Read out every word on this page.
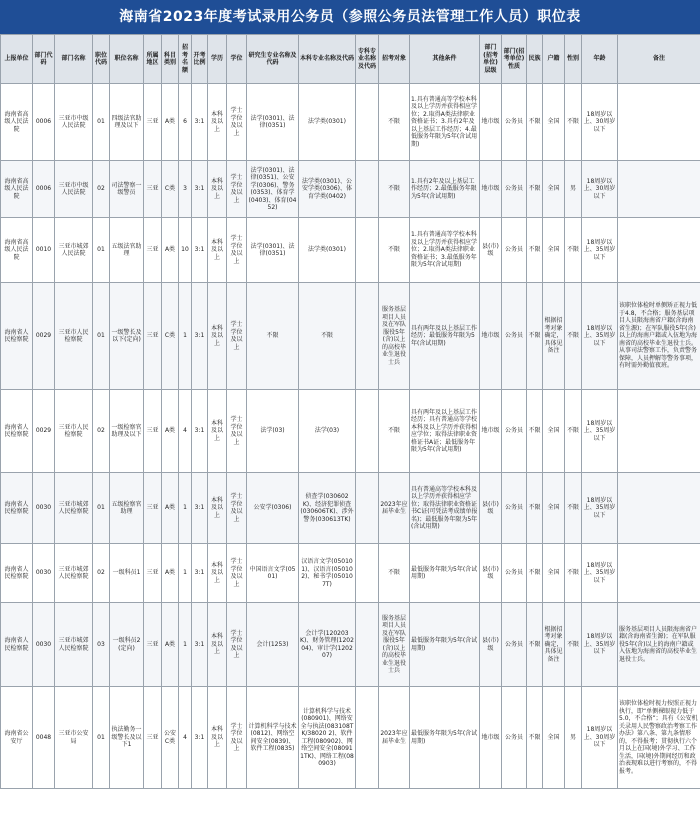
海南省2023年度考试录用公务员（参照公务员法管理工作人员）职位表
上报单位	部门代码	部门名称	职位代码	职位名称	所属地区	科目类别	招考名额	开考比例	学历	学位	研究生专业名称及代码	本科专业名称及代码	专科专业名称及代码	招考对象	其他条件	部门(招考单位)层级	部门(招考单位)性质	民族	户籍	性别	年龄	备注
海南省高级人民法院	0006	三亚市中级人民法院	01	四级法官助理及以下	三亚	A类	6	3:1	本科及以上	学士学位及以上	法学(0301)、法律(0351)	法学类(0301)		不限	1.具有普通高等学校本科及以上学历并获得相应学位；2.取得A类法律职业资格证书；3.具有2年及以上基层工作经历；4.最低服务年限为5年(含试用期)	地市级	公务员	不限	全国	不限	18周岁以上、30周岁以下	
海南省高级人民法院	0006	三亚市中级人民法院	02	司法警察一级警员	三亚	C类	3	3:1	本科及以上	学士学位及以上	法学(0301)、法律(0351)、公安学(0306)、警务(0353)、体育学(0403)、体育(0452)	法学类(0301)、公安学类(0306)、体育学类(0402)		不限	1.具有2年及以上基层工作经历；2.最低服务年限为5年(含试用期)	地市级	公务员	不限	全国	男	18周岁以上、30周岁以下	
海南省高级人民法院	0010	三亚市城郊人民法院	01	五级法官助理	三亚	A类	10	3:1	本科及以上	学士学位及以上	法学(0301)、法律(0351)	法学类(0301)		不限	1.具有普通高等学校本科及以上学历并获得相应学位；2.取得A类法律职业资格证书；3.最低服务年限为5年(含试用期)	县(市)级	公务员	不限	全国	不限	18周岁以上、35周岁以下	
海南省人民检察院	0029	三亚市人民检察院	01	一级警长及以下(定向)	三亚	C类	1	3:1	本科及以上	学士学位及以上	不限	不限		服务基层项目人员及在军队服役5年(含)以上的高校毕业生退役士兵	具有两年及以上基层工作经历；最低服务年限为5年(含试用期)	地市级	公务员	不限	根据招考对象确定，具体见备注	不限	18周岁以上、35周岁以下	该职位体检时单侧矫正视力低于4.8，不合格；服务基层项目人员限海南省户籍(含海南省生源)；在军队服役5年(含)以上的海南户籍或入伍地为海南省的高校毕业生退役士兵。从事司法警察工作，负责警务保障，人员押解等警务事项，有时需外勤值夜班。
海南省人民检察院	0029	三亚市人民检察院	02	一级检察官助理及以下	三亚	A类	4	3:1	本科及以上	学士学位及以上	法学(03)	法学(03)		不限	具有两年及以上基层工作经历；具有普通高等学校本科及以上学历并获得相应学位；取得法律职业资格证书A证；最低服务年限为5年(含试用期)	地市级	公务员	不限	全国	不限	18周岁以上、35周岁以下	
海南省人民检察院	0030	三亚市城郊人民检察院	01	五级检察官助理	三亚	A类	1	3:1	本科及以上	学士学位及以上	公安学(0306)	侦查学(030602K)、经济犯罪侦查(030606TK)、涉外警务(030613TK)		2023年应届毕业生	具有普通高等学校本科及以上学历并获得相应学位；取得法律职业资格证书C证(可凭法考成绩单报名)；最低服务年限为5年(含试用期)	县(市)级	公务员	不限	全国	不限	18周岁以上、35周岁以下	
海南省人民检察院	0030	三亚市城郊人民检察院	02	一级科员1	三亚	A类	1	3:1	本科及以上	学士学位及以上	中国语言文学(0501)	汉语言文学(050101)、汉语言(050102)、秘书学(050107T)		不限	最低服务年限为5年(含试用期)	县(市)级	公务员	不限	全国	不限	18周岁以上、35周岁以下	
海南省人民检察院	0030	三亚市城郊人民检察院	03	一级科员2(定向)	三亚	A类	1	3:1	本科及以上	学士学位及以上	会计(1253)	会计学(120203K)、财务管理(120204)、审计学(120207)		服务基层项目人员及在军队服役5年(含)以上的高校毕业生退役士兵	最低服务年限为5年(含试用期)	县(市)级	公务员	不限	根据招考对象确定，具体见备注	不限	18周岁以上、35周岁以下	服务基层项目人员限海南省户籍(含海南省生源)；在军队服役5年(含)以上的海南户籍或入伍地为海南省的高校毕业生退役士兵。
海南省公安厅	0048	三亚市公安局	01	执法勤务一级警长及以下1	三亚	公安C类	4	3:1	本科及以上	学士学位及以上	计算机科学与技术(0812)、网络空间安全(0839)、软件工程(0835)	计算机科学与技术(080901)、网络安全与执法(083108TK/38020 2)、软件工程(080902)、网络空间安全(080911TK)、网络工程(080903)		2023年应届毕业生	最低服务年限为5年(含试用期)	地市级	公务员	不限	全国	男	18周岁以上、30周岁以下	该职位体检时视力按照正视力执行，即“单侧裸眼视力低于5.0，不合格”；具有《公安机关录用人民警察政治考察工作办法》第八条、第九条情形的，不得报考；贯彻执行六个月以上在国(境)外学习、工作生活，国(境)外期间经历和政治表现难以进行考察的，不得报考。
